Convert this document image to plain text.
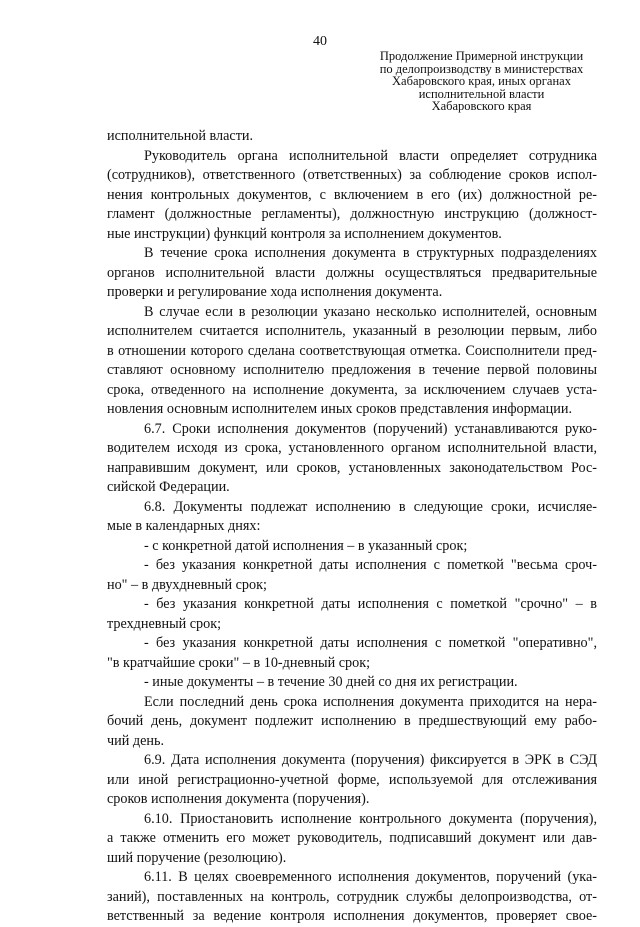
40
Продолжение Примерной инструкции
по делопроизводству в министерствах
Хабаровского края, иных органах
исполнительной власти
Хабаровского края
исполнительной власти.
Руководитель органа исполнительной власти определяет сотрудника
(сотрудников), ответственного (ответственных) за соблюдение сроков испол-
нения контрольных документов, с включением в его (их) должностной ре-
гламент (должностные регламенты), должностную инструкцию (должност-
ные инструкции) функций контроля за исполнением документов.
В течение срока исполнения документа в структурных подразделениях
органов исполнительной власти должны осуществляться предварительные
проверки и регулирование хода исполнения документа.
В случае если в резолюции указано несколько исполнителей, основным
исполнителем считается исполнитель, указанный в резолюции первым, либо
в отношении которого сделана соответствующая отметка. Соисполнители пред-
ставляют основному исполнителю предложения в течение первой половины
срока, отведенного на исполнение документа, за исключением случаев уста-
новления основным исполнителем иных сроков представления информации.
6.7. Сроки исполнения документов (поручений) устанавливаются руко-
водителем исходя из срока, установленного органом исполнительной власти,
направившим документ, или сроков, установленных законодательством Рос-
сийской Федерации.
6.8. Документы подлежат исполнению в следующие сроки, исчисляе-
мые в календарных днях:
- с конкретной датой исполнения – в указанный срок;
- без указания конкретной даты исполнения с пометкой "весьма сроч-
но" – в двухдневный срок;
- без указания конкретной даты исполнения с пометкой "срочно" – в
трехдневный срок;
- без указания конкретной даты исполнения с пометкой "оперативно",
"в кратчайшие сроки" – в 10-дневный срок;
- иные документы – в течение 30 дней со дня их регистрации.
Если последний день срока исполнения документа приходится на нера-
бочий день, документ подлежит исполнению в предшествующий ему рабо-
чий день.
6.9. Дата исполнения документа (поручения) фиксируется в ЭРК в СЭД
или иной регистрационно-учетной форме, используемой для отслеживания
сроков исполнения документа (поручения).
6.10. Приостановить исполнение контрольного документа (поручения),
а также отменить его может руководитель, подписавший документ или дав-
ший поручение (резолюцию).
6.11. В целях своевременного исполнения документов, поручений (ука-
заний), поставленных на контроль, сотрудник службы делопроизводства, от-
ветственный за ведение контроля исполнения документов, проверяет свое-
